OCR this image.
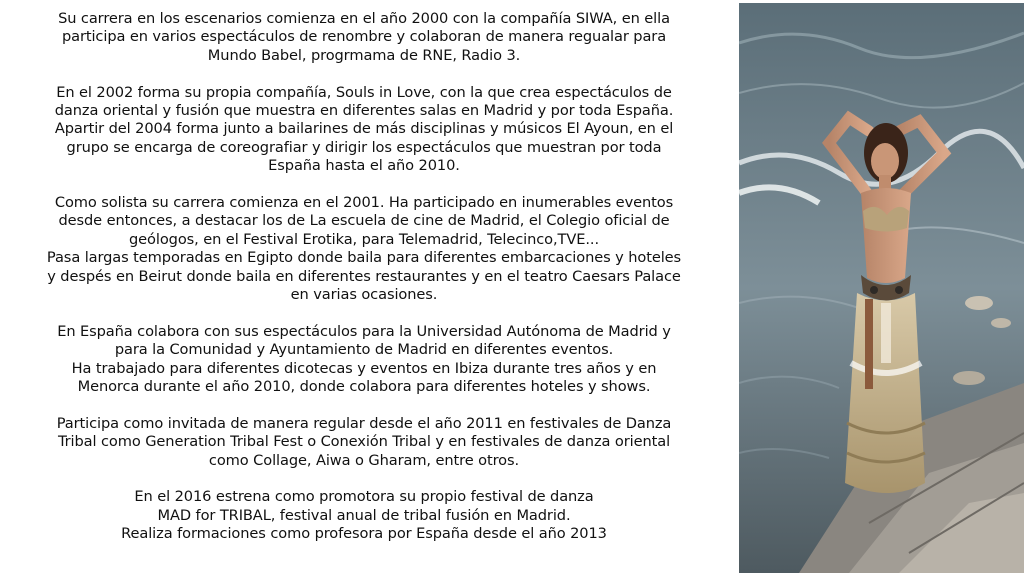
Su carrera en los escenarios comienza en el año 2000 con la compañía SIWA, en ella
participa en varios espectáculos de renombre y colaboran de manera regualar para
Mundo Babel, progrmama de RNE, Radio 3.

En el 2002 forma su propia compañía, Souls in Love, con la que crea espectáculos de
danza oriental y fusión que muestra en diferentes salas en Madrid y por toda España.
Apartir del 2004 forma junto a bailarines de más disciplinas y músicos El Ayoun, en el
grupo se encarga de coreografiar y dirigir los espectáculos que muestran por toda
España hasta el año 2010.

Como solista su carrera comienza en el 2001. Ha participado en inumerables eventos
desde entonces, a destacar los de La escuela de cine de Madrid, el Colegio oficial de
geólogos, en el Festival Erotika, para Telemadrid, Telecinco,TVE...
Pasa largas temporadas en Egipto donde baila para diferentes embarcaciones y hoteles
y despés en Beirut donde baila en diferentes restaurantes y en el teatro Caesars Palace
en varias ocasiones.

En España colabora con sus espectáculos para la Universidad Autónoma de Madrid y
para la Comunidad y Ayuntamiento de Madrid en diferentes eventos.
Ha trabajado para diferentes dicotecas y eventos en Ibiza durante tres años y en
Menorca durante el año 2010, donde colabora para diferentes hoteles y shows.

Participa como invitada de manera regular desde el año 2011 en festivales de Danza
Tribal como Generation Tribal Fest o Conexión Tribal y en festivales de danza oriental
como Collage, Aiwa o Gharam, entre otros.

En el 2016 estrena como promotora su propio festival de danza
MAD for TRIBAL, festival anual de tribal fusión en Madrid.
Realiza formaciones como profesora por España desde el año 2013
